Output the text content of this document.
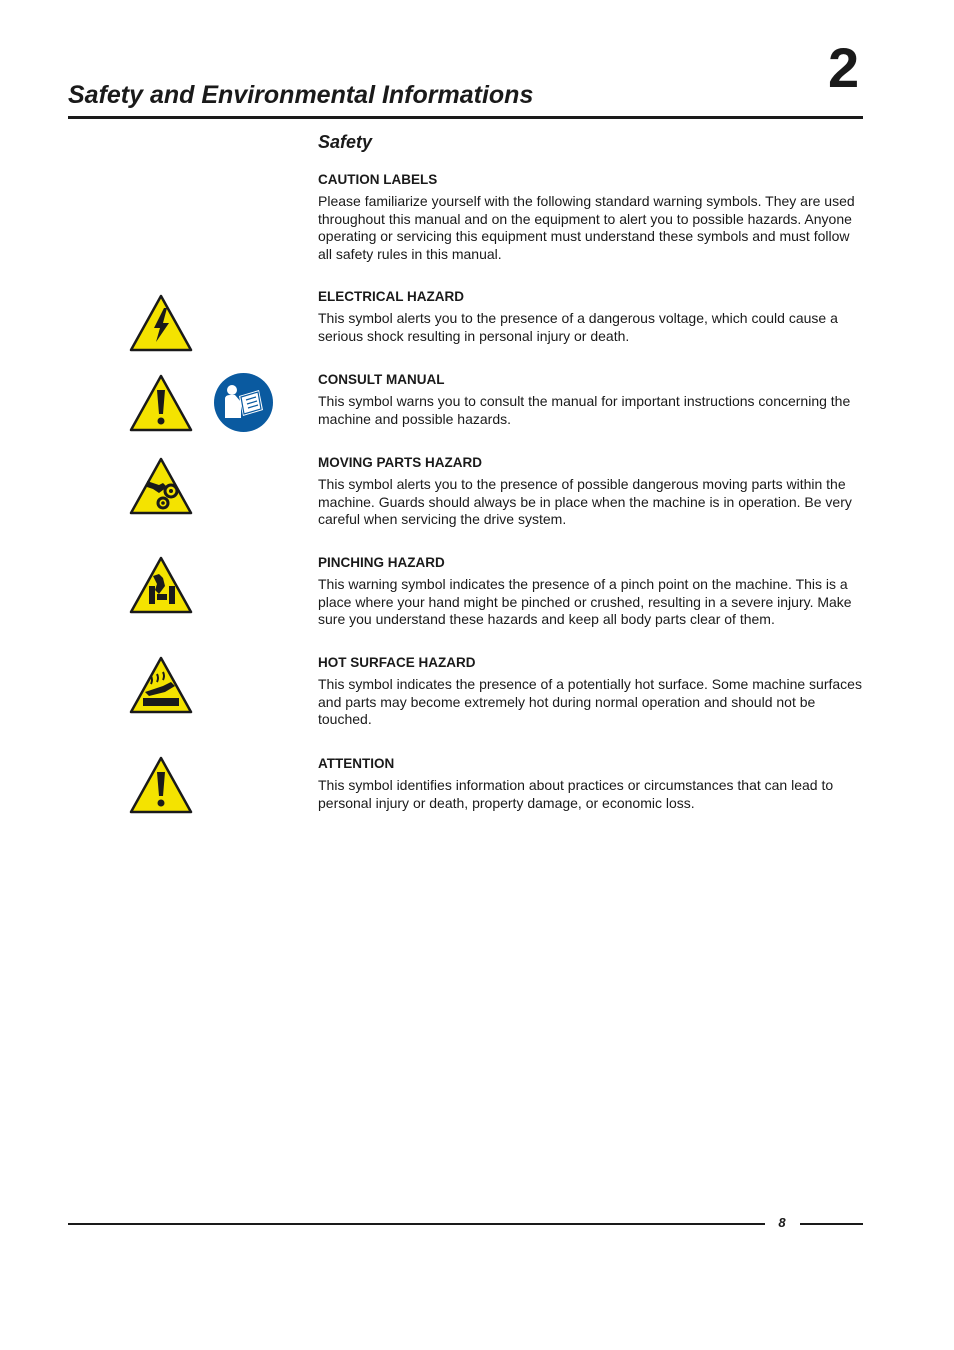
2
Safety and Environmental Informations
Safety
CAUTION LABELS

Please familiarize yourself with the following standard warning symbols. They are used throughout this manual and on the equipment to alert you to possible hazards. Anyone operating or servicing this equipment must understand these symbols and must follow all safety rules in this manual.

ELECTRICAL HAZARD

This symbol alerts you to the presence of a dangerous voltage, which could cause a serious shock resulting in personal injury or death.

CONSULT MANUAL

This symbol warns you to consult the manual for important instructions concerning the machine and possible hazards.

MOVING PARTS HAZARD

This symbol alerts you to the presence of possible dangerous moving parts within the machine. Guards should always be in place when the machine is in operation. Be very careful when servicing the drive system.

PINCHING HAZARD

This warning symbol indicates the presence of a pinch point on the machine. This is a place where your hand might be pinched or crushed, resulting in a severe injury. Make sure you understand these hazards and keep all body parts clear of them.

HOT SURFACE HAZARD

This symbol indicates the presence of a potentially hot surface. Some machine surfaces and parts may become extremely hot during normal operation and should not be touched.

ATTENTION

This symbol identifies information about practices or circumstances that can lead to personal injury or death, property damage, or economic loss.

8
